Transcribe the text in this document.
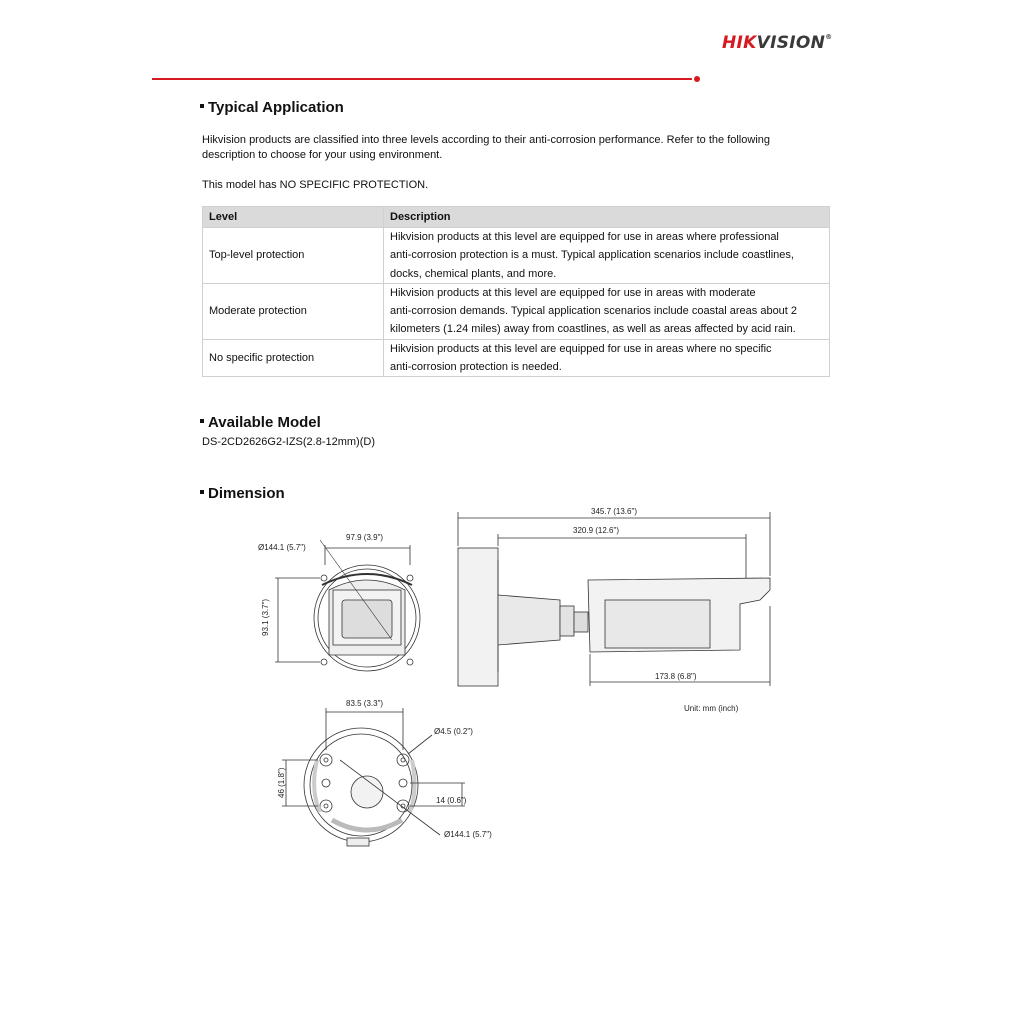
HIKVISION®
Typical Application
Hikvision products are classified into three levels according to their anti-corrosion performance. Refer to the following
description to choose for your using environment.
This model has NO SPECIFIC PROTECTION.
Level	Description
Top-level protection	Hikvision products at this level are equipped for use in areas where professional
anti-corrosion protection is a must. Typical application scenarios include coastlines,
docks, chemical plants, and more.

Moderate protection	Hikvision products at this level are equipped for use in areas with moderate
anti-corrosion demands. Typical application scenarios include coastal areas about 2
kilometers (1.24 miles) away from coastlines, as well as areas affected by acid rain.

No specific protection	Hikvision products at this level are equipped for use in areas where no specific
anti-corrosion protection is needed.
Available Model
DS-2CD2626G2-IZS(2.8-12mm)(D)
Dimension
Ø144.1 (5.7")
97.9 (3.9")
93.1 (3.7")
345.7 (13.6")
320.9 (12.6")
173.8 (6.8")
83.5 (3.3")
Ø4.5 (0.2")
46 (1.8")
14 (0.6")
Ø144.1 (5.7")
Unit: mm (inch)
